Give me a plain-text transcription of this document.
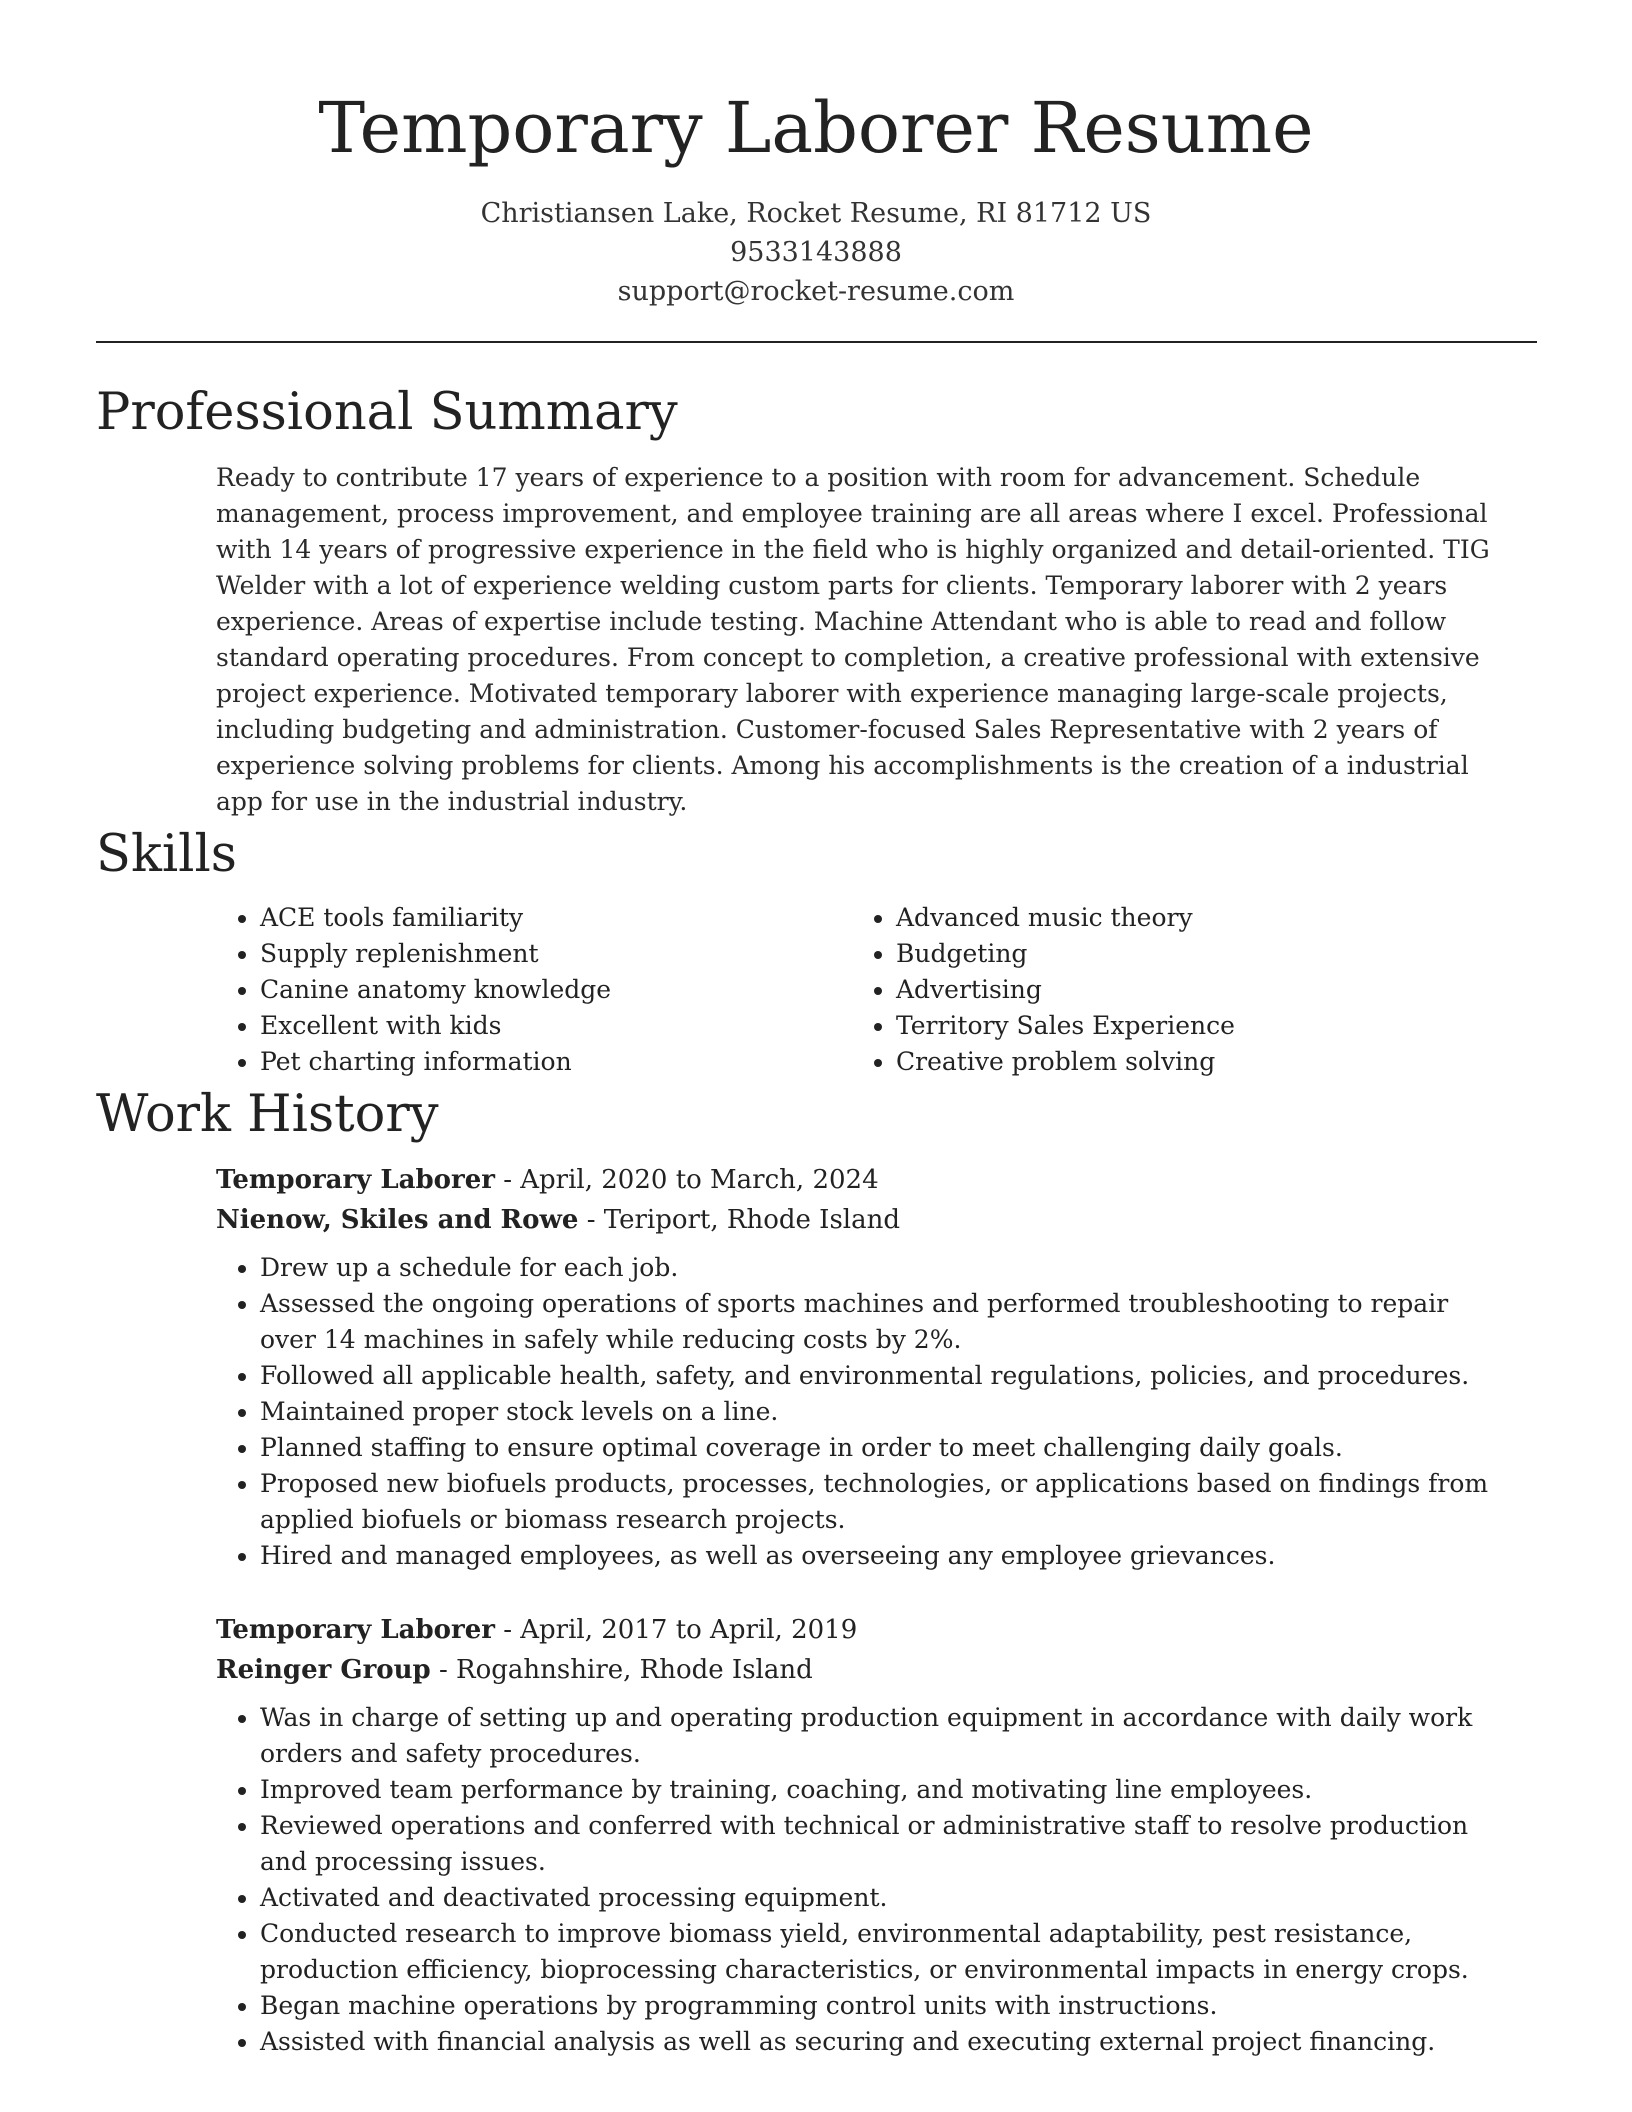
Temporary Laborer Resume
Christiansen Lake, Rocket Resume, RI 81712 US
9533143888
support@rocket-resume.com
Professional Summary

Ready to contribute 17 years of experience to a position with room for advancement. Schedule management, process improvement, and employee training are all areas where I excel. Professional with 14 years of progressive experience in the field who is highly organized and detail-oriented. TIG Welder with a lot of experience welding custom parts for clients. Temporary laborer with 2 years experience. Areas of expertise include testing. Machine Attendant who is able to read and follow standard operating procedures. From concept to completion, a creative professional with extensive project experience. Motivated temporary laborer with experience managing large-scale projects, including budgeting and administration. Customer-focused Sales Representative with 2 years of experience solving problems for clients. Among his accomplishments is the creation of a industrial app for use in the industrial industry.

Skills
• ACE tools familiarity
• Supply replenishment
• Canine anatomy knowledge
• Excellent with kids
• Pet charting information
• Advanced music theory
• Budgeting
• Advertising
• Territory Sales Experience
• Creative problem solving
Work History
Temporary Laborer - April, 2020 to March, 2024
Nienow, Skiles and Rowe - Teriport, Rhode Island
• Drew up a schedule for each job.
• Assessed the ongoing operations of sports machines and performed troubleshooting to repair over 14 machines in safely while reducing costs by 2%.
• Followed all applicable health, safety, and environmental regulations, policies, and procedures.
• Maintained proper stock levels on a line.
• Planned staffing to ensure optimal coverage in order to meet challenging daily goals.
• Proposed new biofuels products, processes, technologies, or applications based on findings from applied biofuels or biomass research projects.
• Hired and managed employees, as well as overseeing any employee grievances.
Temporary Laborer - April, 2017 to April, 2019
Reinger Group - Rogahnshire, Rhode Island
• Was in charge of setting up and operating production equipment in accordance with daily work orders and safety procedures.
• Improved team performance by training, coaching, and motivating line employees.
• Reviewed operations and conferred with technical or administrative staff to resolve production and processing issues.
• Activated and deactivated processing equipment.
• Conducted research to improve biomass yield, environmental adaptability, pest resistance, production efficiency, bioprocessing characteristics, or environmental impacts in energy crops.
• Began machine operations by programming control units with instructions.
• Assisted with financial analysis as well as securing and executing external project financing.
